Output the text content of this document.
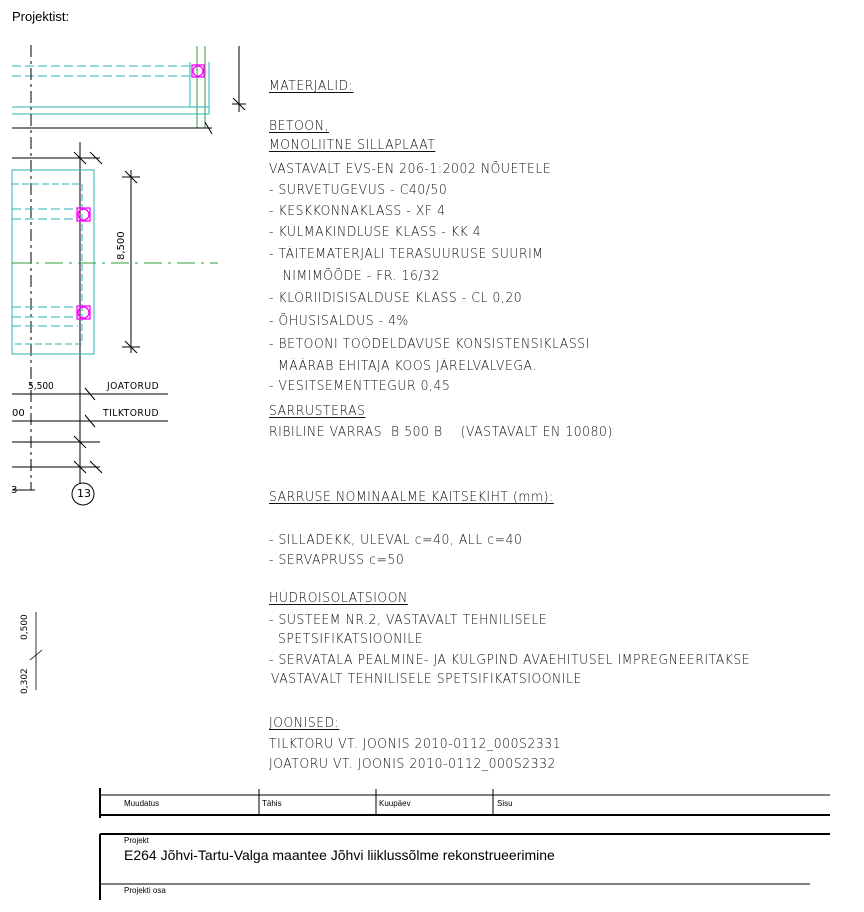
Projektist:
8,500
5,500
00
JOATORUD
TILKTORUD
13
3
0,500
0,302
MATERJALID:
BETOON,
MONOLIITNE SILLAPLAAT
VASTAVALT EVS-EN 206-1:2002 NÕUETELE
- SURVETUGEVUS - C40/50
- KESKKONNAKLASS - XF 4
- KÜLMAKINDLUSE KLASS - KK 4
- TÄITEMATERJALI TERASUURUSE SUURIM
NIMIMÕÕDE - FR. 16/32
- KLORIIDISISALDUSE KLASS - CL 0,20
- ÕHUSISALDUS - 4%
- BETOONI TÖÖDELDAVUSE KONSISTENSIKLASSI
MÄÄRAB EHITAJA KOOS JÄRELVALVEGA.
- VESITSEMENTTEGUR 0,45
SARRUSTERAS
RIBILINE VARRAS  B 500 B    (VASTAVALT EN 10080)
SARRUSE NOMINAALME KAITSEKIHT (mm):
- SILLADEKK, ÜLEVAL c=40, ALL c=40
- SERVAPRUSS c=50
HÜDROISOLATSIOON
- SÜSTEEM NR.2, VASTAVALT TEHNILISELE
SPETSIFIKATSIOONILE
- SERVATALA PEALMINE- JA KÜLGPIND AVAEHITUSEL IMPREGNEERITAKSE
VASTAVALT TEHNILISELE SPETSIFIKATSIOONILE
JOONISED:
TILKTORU VT. JOONIS 2010-0112_000S2331
JOATORU VT. JOONIS 2010-0112_000S2332
Muudatus	Tähis	Kuupäev	Sisu
Projekt
E264 Jõhvi-Tartu-Valga maantee Jõhvi liiklussõlme rekonstrueerimine
Projekti osa
